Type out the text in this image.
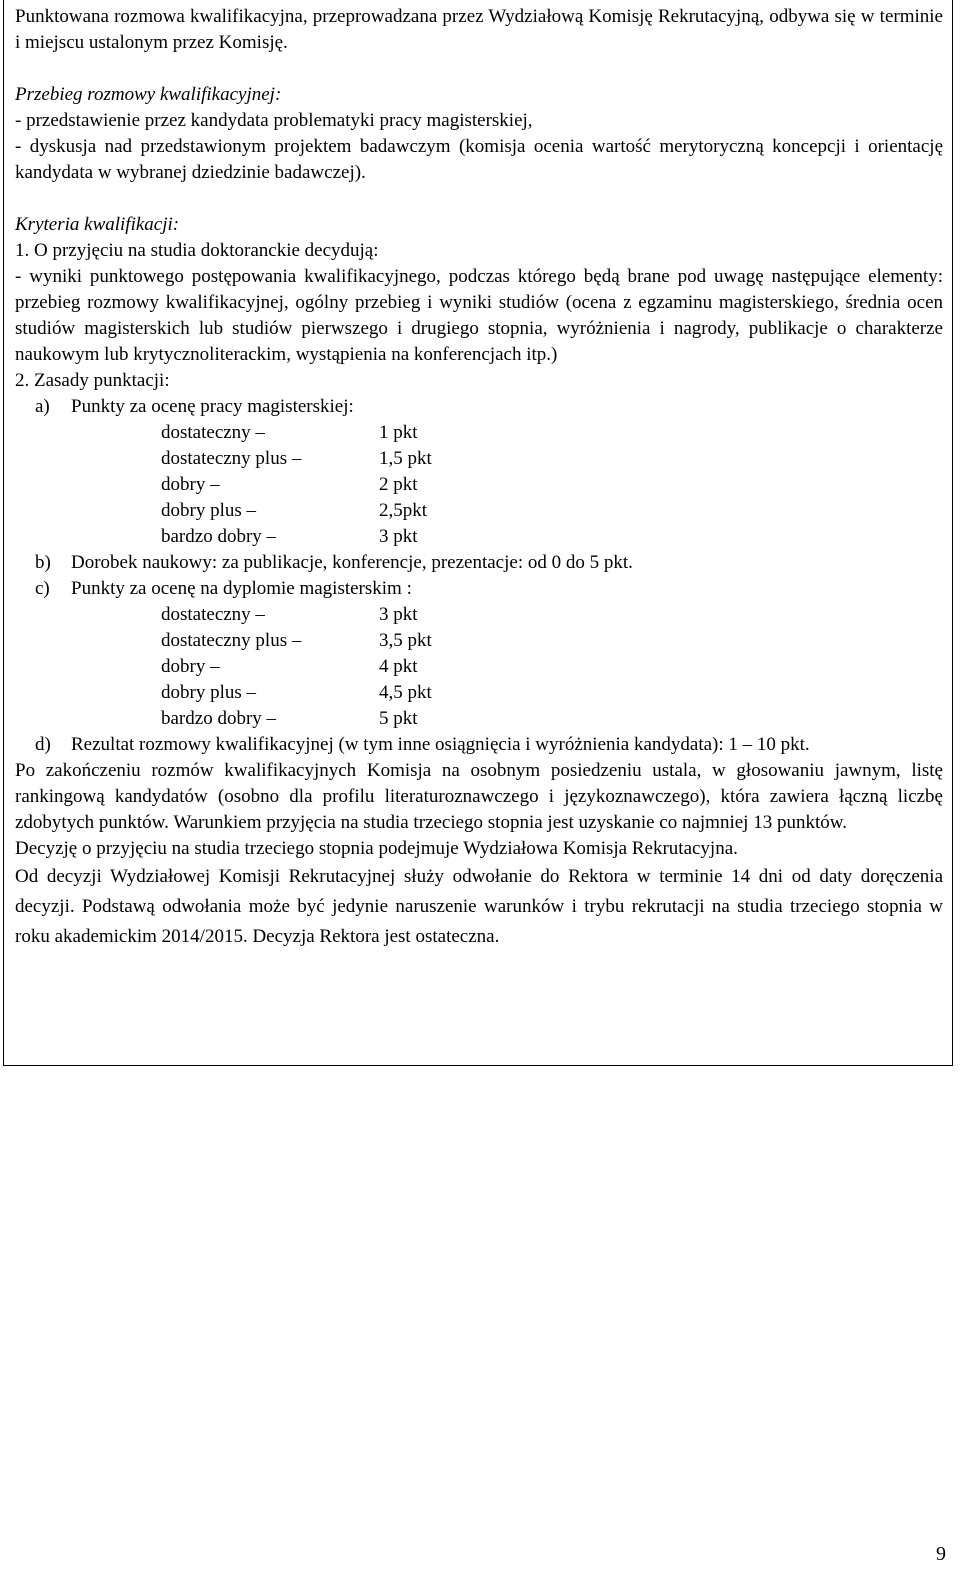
Punktowana rozmowa kwalifikacyjna, przeprowadzana przez Wydziałową Komisję Rekrutacyjną, odbywa się w terminie i miejscu ustalonym przez Komisję.

Przebieg rozmowy kwalifikacyjnej:

- przedstawienie przez kandydata problematyki pracy magisterskiej,

- dyskusja nad przedstawionym projektem badawczym (komisja ocenia wartość merytoryczną koncepcji i orientację kandydata w wybranej dziedzinie badawczej).

Kryteria kwalifikacji:

1. O przyjęciu na studia doktoranckie decydują:

- wyniki punktowego postępowania kwalifikacyjnego, podczas którego będą brane pod uwagę następujące elementy: przebieg rozmowy kwalifikacyjnej, ogólny przebieg i wyniki studiów (ocena z egzaminu magisterskiego, średnia ocen studiów magisterskich lub studiów pierwszego i drugiego stopnia, wyróżnienia i nagrody, publikacje o charakterze naukowym lub krytycznoliterackim, wystąpienia na konferencjach itp.)

2. Zasady punktacji:

a)	Punkty za ocenę pracy magisterskiej:
dostateczny –	1 pkt
dostateczny plus –	1,5 pkt
dobry –	2 pkt
dobry plus –	2,5pkt
bardzo dobry –	3 pkt
b)	Dorobek naukowy: za publikacje, konferencje, prezentacje: od 0 do 5 pkt.
c)	Punkty za ocenę na dyplomie magisterskim :
dostateczny –	3 pkt
dostateczny plus –	3,5 pkt
dobry –	4 pkt
dobry plus –	4,5 pkt
bardzo dobry –	5 pkt
d)	Rezultat rozmowy kwalifikacyjnej (w tym inne osiągnięcia i wyróżnienia kandydata): 1 – 10 pkt.

Po zakończeniu rozmów kwalifikacyjnych Komisja na osobnym posiedzeniu ustala, w głosowaniu jawnym, listę rankingową kandydatów (osobno dla profilu literaturoznawczego i językoznawczego), która zawiera łączną liczbę zdobytych punktów. Warunkiem przyjęcia na studia trzeciego stopnia jest uzyskanie co najmniej 13 punktów.

Decyzję o przyjęciu na studia trzeciego stopnia podejmuje Wydziałowa Komisja Rekrutacyjna.

Od decyzji Wydziałowej Komisji Rekrutacyjnej służy odwołanie do Rektora w terminie 14 dni od daty doręczenia decyzji. Podstawą odwołania może być jedynie naruszenie warunków i trybu rekrutacji na studia trzeciego stopnia w roku akademickim 2014/2015. Decyzja Rektora jest ostateczna.

9
